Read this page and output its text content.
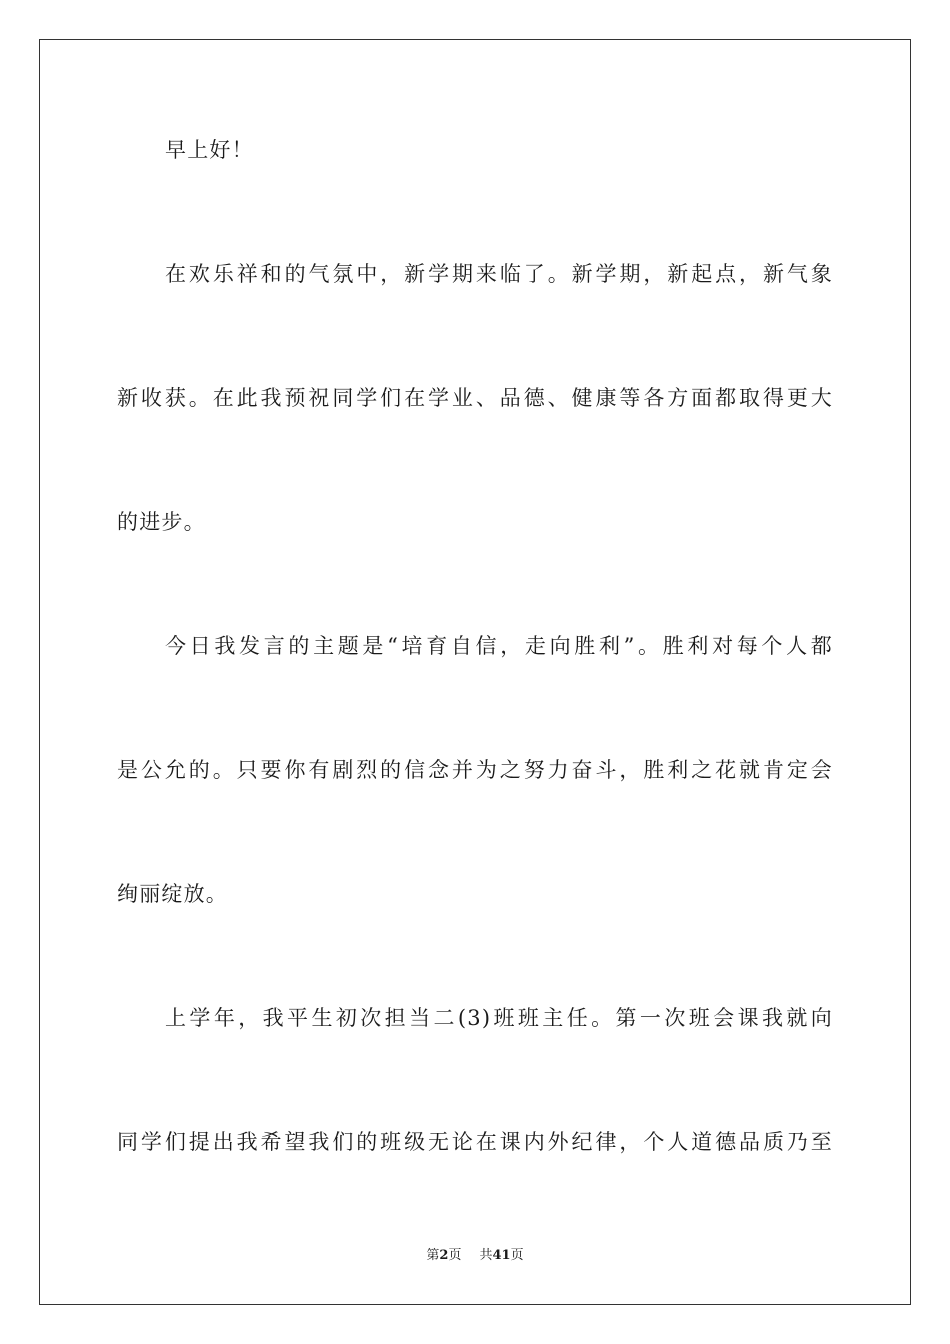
早上好！
在欢乐祥和的气氛中，新学期来临了。新学期，新起点，新气象
新收获。在此我预祝同学们在学业、品德、健康等各方面都取得更大
的进步。
今日我发言的主题是“培育自信，走向胜利”。胜利对每个人都
是公允的。只要你有剧烈的信念并为之努力奋斗，胜利之花就肯定会
绚丽绽放。
上学年，我平生初次担当二(3)班班主任。第一次班会课我就向
同学们提出我希望我们的班级无论在课内外纪律，个人道德品质乃至
第2页 共41页
